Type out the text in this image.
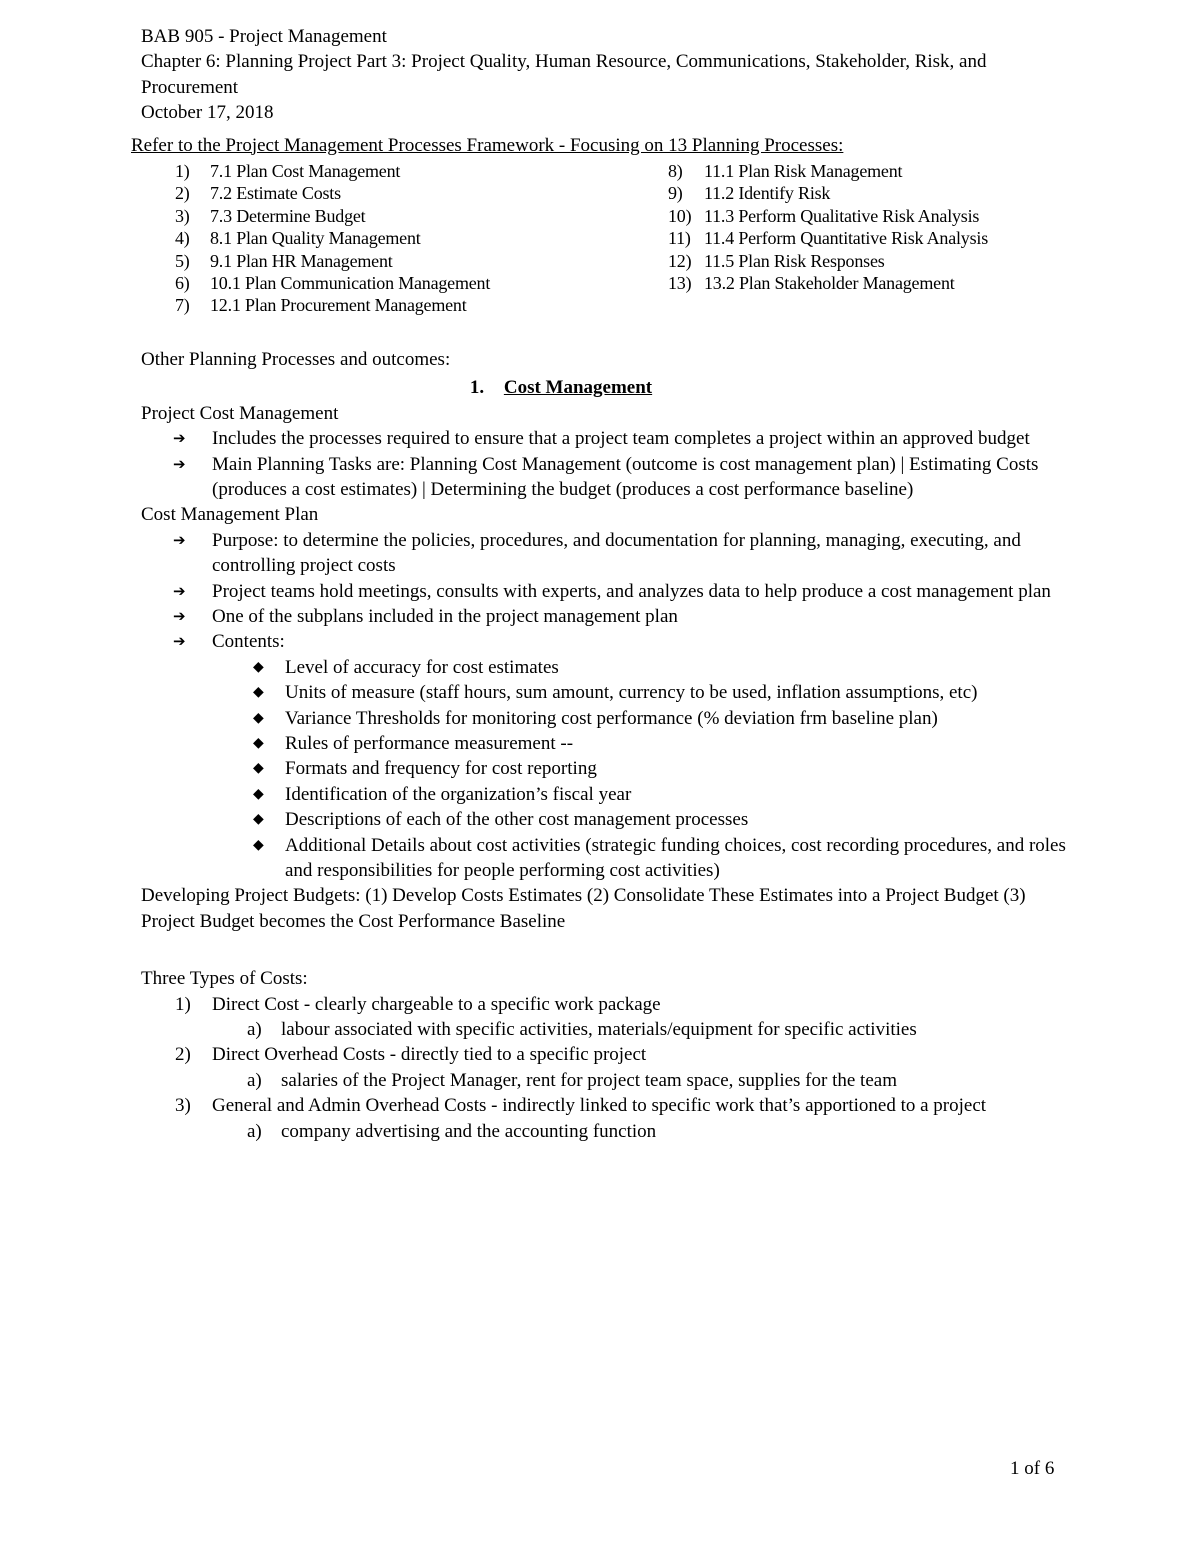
BAB 905 - Project Management
Chapter 6: Planning Project Part 3: Project Quality, Human Resource, Communications, Stakeholder, Risk, and Procurement
October 17, 2018
Refer to the Project Management Processes Framework - Focusing on 13 Planning Processes:
1)	7.1 Plan Cost Management
2)	7.2 Estimate Costs
3)	7.3 Determine Budget
4)	8.1 Plan Quality Management
5)	9.1 Plan HR Management
6)	10.1 Plan Communication Management
7)	12.1 Plan Procurement Management
8)	11.1 Plan Risk Management
9)	11.2 Identify Risk
10) 11.3 Perform Qualitative Risk Analysis
11) 11.4 Perform Quantitative Risk Analysis
12) 11.5 Plan Risk Responses
13) 13.2 Plan Stakeholder Management
Other Planning Processes and outcomes:
1. Cost Management
Project Cost Management
➔	Includes the processes required to ensure that a project team completes a project within an approved budget
➔	Main Planning Tasks are: Planning Cost Management (outcome is cost management plan) | Estimating Costs (produces a cost estimates) | Determining the budget (produces a cost performance baseline)
Cost Management Plan
➔	Purpose: to determine the policies, procedures, and documentation for planning, managing, executing, and controlling project costs
➔	Project teams hold meetings, consults with experts, and analyzes data to help produce a cost management plan
➔	One of the subplans included in the project management plan
➔	Contents:
◆	Level of accuracy for cost estimates
◆	Units of measure (staff hours, sum amount, currency to be used, inflation assumptions, etc)
◆	Variance Thresholds for monitoring cost performance (% deviation frm baseline plan)
◆	Rules of performance measurement --
◆	Formats and frequency for cost reporting
◆	Identification of the organization’s fiscal year
◆	Descriptions of each of the other cost management processes
◆	Additional Details about cost activities (strategic funding choices, cost recording procedures, and roles and responsibilities for people performing cost activities)
Developing Project Budgets: (1) Develop Costs Estimates (2) Consolidate These Estimates into a Project Budget (3) Project Budget becomes the Cost Performance Baseline
Three Types of Costs:
1)	Direct Cost - clearly chargeable to a specific work package
a)	labour associated with specific activities, materials/equipment for specific activities
2)	Direct Overhead Costs - directly tied to a specific project
a)	salaries of the Project Manager, rent for project team space, supplies for the team
3)	General and Admin Overhead Costs - indirectly linked to specific work that’s apportioned to a project
a)	company advertising and the accounting function
1 of 6
